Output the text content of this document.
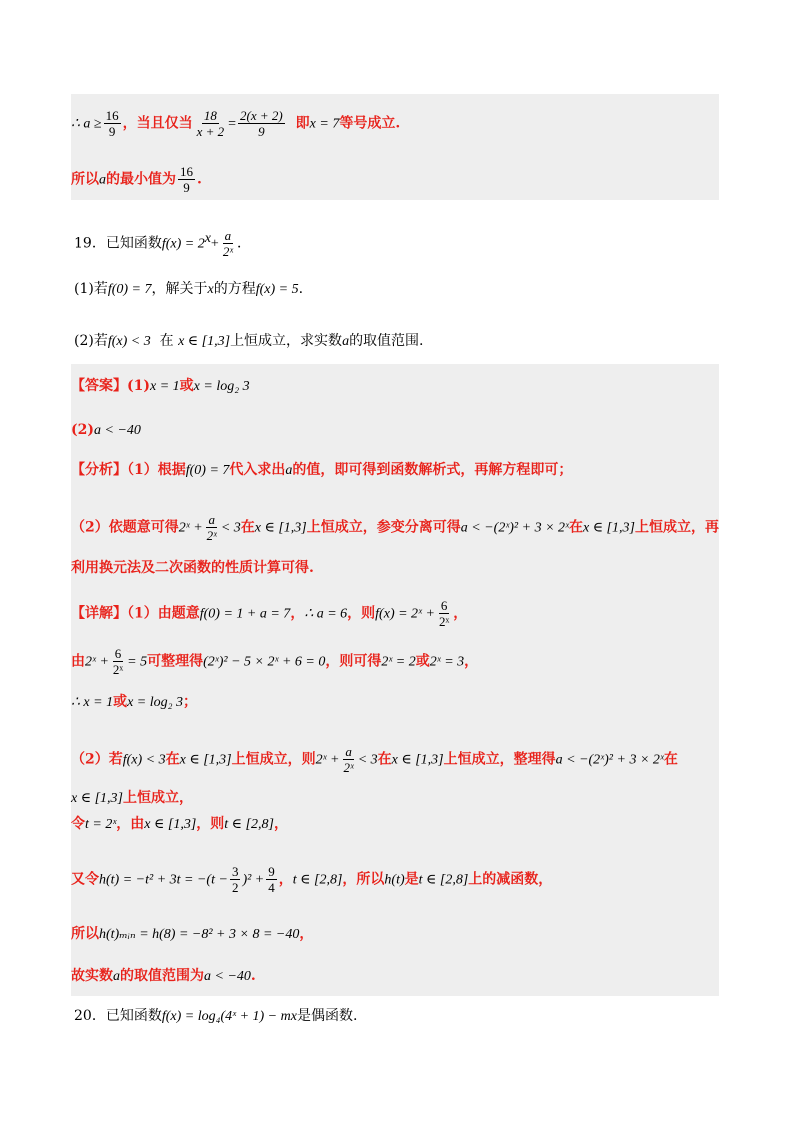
∴ $a \ge \frac{16}{9}$ ，当且仅当 $\frac{18}{x + 2} = \frac{2(x + 2)}{9}$ 即x = 7等号成立.
所以a的最小值为 $\frac{16}{9}$ .
19．已知函数$f(x) = 2^x+ \frac{a}{\text{2ˣ}}$ ．
(1)若f(0) = 7，解关于x的方程f(x) = 5.
(2)若f(x) < 3 在 x ∈ [1,3]上恒成立，求实数a的取值范围.
【答案】(1)x = 1或x = log₂ 3
(2)a < −40
【分析】（1）根据f(0) = 7代入求出a的值，即可得到函数解析式，再解方程即可；
（2）依题意可得2ˣ + $\frac{a}{\text{2ˣ}} < 3$在x ∈ [1,3]上恒成立，参变分离可得a < −(2ˣ)² + 3 × 2ˣ在x ∈ [1,3]上恒成立，再
利用换元法及二次函数的性质计算可得.
【详解】（1）由题意f(0) = 1 + a = 7，∴ a = 6，则f(x) = 2ˣ + $\frac{6}{\text{2ˣ}}$ ，
由2ˣ + $\frac{6}{\text{2ˣ}} = 5$可整理得(2ˣ)² − 5 × 2ˣ + 6 = 0，则可得2ˣ = 2或2ˣ = 3，
∴ x = 1或x = log₂ 3；
（2）若f(x) < 3在x ∈ [1,3]上恒成立，则2ˣ + $\frac{a}{\text{2ˣ}} < 3$在x ∈ [1,3]上恒成立，整理得a < −(2ˣ)² + 3 × 2ˣ在
x ∈ [1,3]上恒成立，
令t = 2ˣ，由x ∈ [1,3]，则t ∈ [2,8]，
又令$h(t) = -t^2 + 3t = -(t - \frac{3}{2} )^2 + \frac{9}{4}$ ，t ∈ [2,8]，所以h(t)是t ∈ [2,8]上的减函数，
所以h(t)ₘᵢₙ = h(8) = −8² + 3 × 8 = −40，
故实数a的取值范围为a < −40.
20．已知函数f(x) = log₄(4ˣ + 1) − mx是偶函数.
